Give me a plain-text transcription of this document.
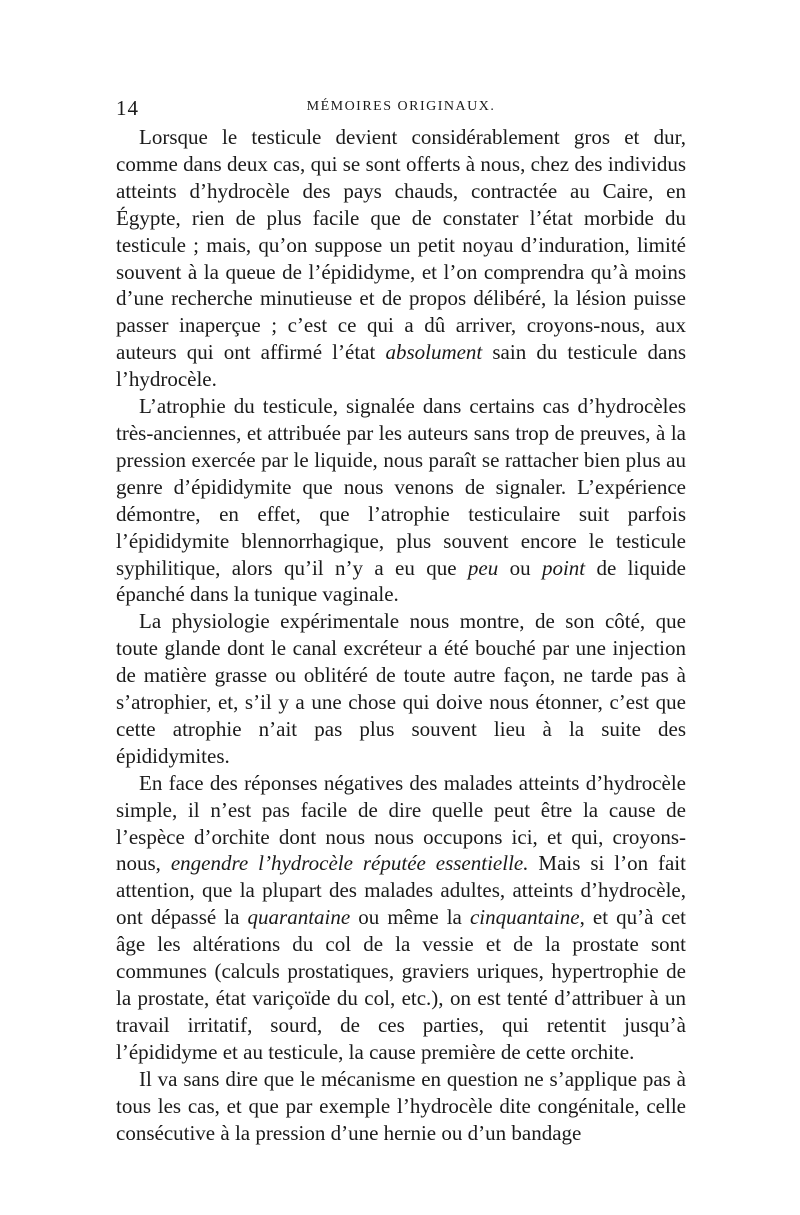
14	MÉMOIRES ORIGINAUX.

Lorsque le testicule devient considérablement gros et dur, comme dans deux cas, qui se sont offerts à nous, chez des individus atteints d’hydrocèle des pays chauds, contractée au Caire, en Égypte, rien de plus facile que de constater l’état morbide du testicule ; mais, qu’on suppose un petit noyau d’induration, limité souvent à la queue de l’épididyme, et l’on comprendra qu’à moins d’une recherche minutieuse et de propos délibéré, la lésion puisse passer inaperçue ; c’est ce qui a dû arriver, croyons-nous, aux auteurs qui ont affirmé l’état absolument sain du testicule dans l’hydrocèle.

L’atrophie du testicule, signalée dans certains cas d’hydrocèles très-anciennes, et attribuée par les auteurs sans trop de preuves, à la pression exercée par le liquide, nous paraît se rattacher bien plus au genre d’épididymite que nous venons de signaler. L’expérience démontre, en effet, que l’atrophie testiculaire suit parfois l’épididymite blennorrhagique, plus souvent encore le testicule syphilitique, alors qu’il n’y a eu que peu ou point de liquide épanché dans la tunique vaginale.

La physiologie expérimentale nous montre, de son côté, que toute glande dont le canal excréteur a été bouché par une injection de matière grasse ou oblitéré de toute autre façon, ne tarde pas à s’atrophier, et, s’il y a une chose qui doive nous étonner, c’est que cette atrophie n’ait pas plus souvent lieu à la suite des épididymites.

En face des réponses négatives des malades atteints d’hydrocèle simple, il n’est pas facile de dire quelle peut être la cause de l’espèce d’orchite dont nous nous occupons ici, et qui, croyons-nous, engendre l’hydrocèle réputée essentielle. Mais si l’on fait attention, que la plupart des malades adultes, atteints d’hydrocèle, ont dépassé la quarantaine ou même la cinquantaine, et qu’à cet âge les altérations du col de la vessie et de la prostate sont communes (calculs prostatiques, graviers uriques, hypertrophie de la prostate, état variçoïde du col, etc.), on est tenté d’attribuer à un travail irritatif, sourd, de ces parties, qui retentit jusqu’à l’épididyme et au testicule, la cause première de cette orchite.

Il va sans dire que le mécanisme en question ne s’applique pas à tous les cas, et que par exemple l’hydrocèle dite congénitale, celle consécutive à la pression d’une hernie ou d’un bandage
